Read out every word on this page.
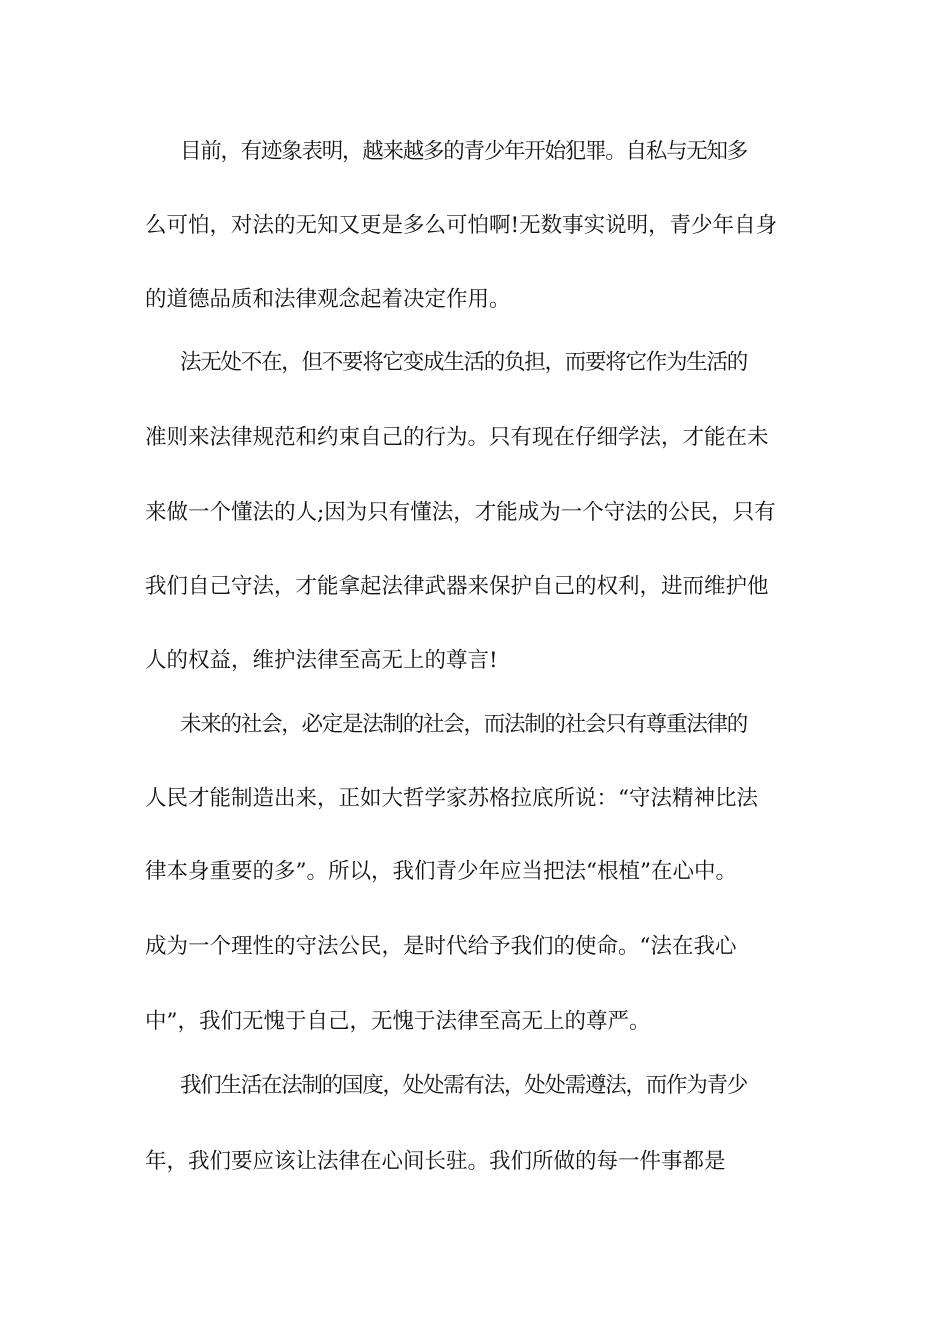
目前，有迹象表明，越来越多的青少年开始犯罪。自私与无知多
么可怕，对法的无知又更是多么可怕啊!无数事实说明，青少年自身
的道德品质和法律观念起着决定作用。
法无处不在，但不要将它变成生活的负担，而要将它作为生活的
准则来法律规范和约束自己的行为。只有现在仔细学法，才能在未
来做一个懂法的人;因为只有懂法，才能成为一个守法的公民，只有
我们自己守法，才能拿起法律武器来保护自己的权利，进而维护他
人的权益，维护法律至高无上的尊言!
未来的社会，必定是法制的社会，而法制的社会只有尊重法律的
人民才能制造出来，正如大哲学家苏格拉底所说：“守法精神比法
律本身重要的多”。所以，我们青少年应当把法“根植”在心中。
成为一个理性的守法公民，是时代给予我们的使命。“法在我心
中”，我们无愧于自己，无愧于法律至高无上的尊严。
我们生活在法制的国度，处处需有法，处处需遵法，而作为青少
年，我们要应该让法律在心间长驻。我们所做的每一件事都是
